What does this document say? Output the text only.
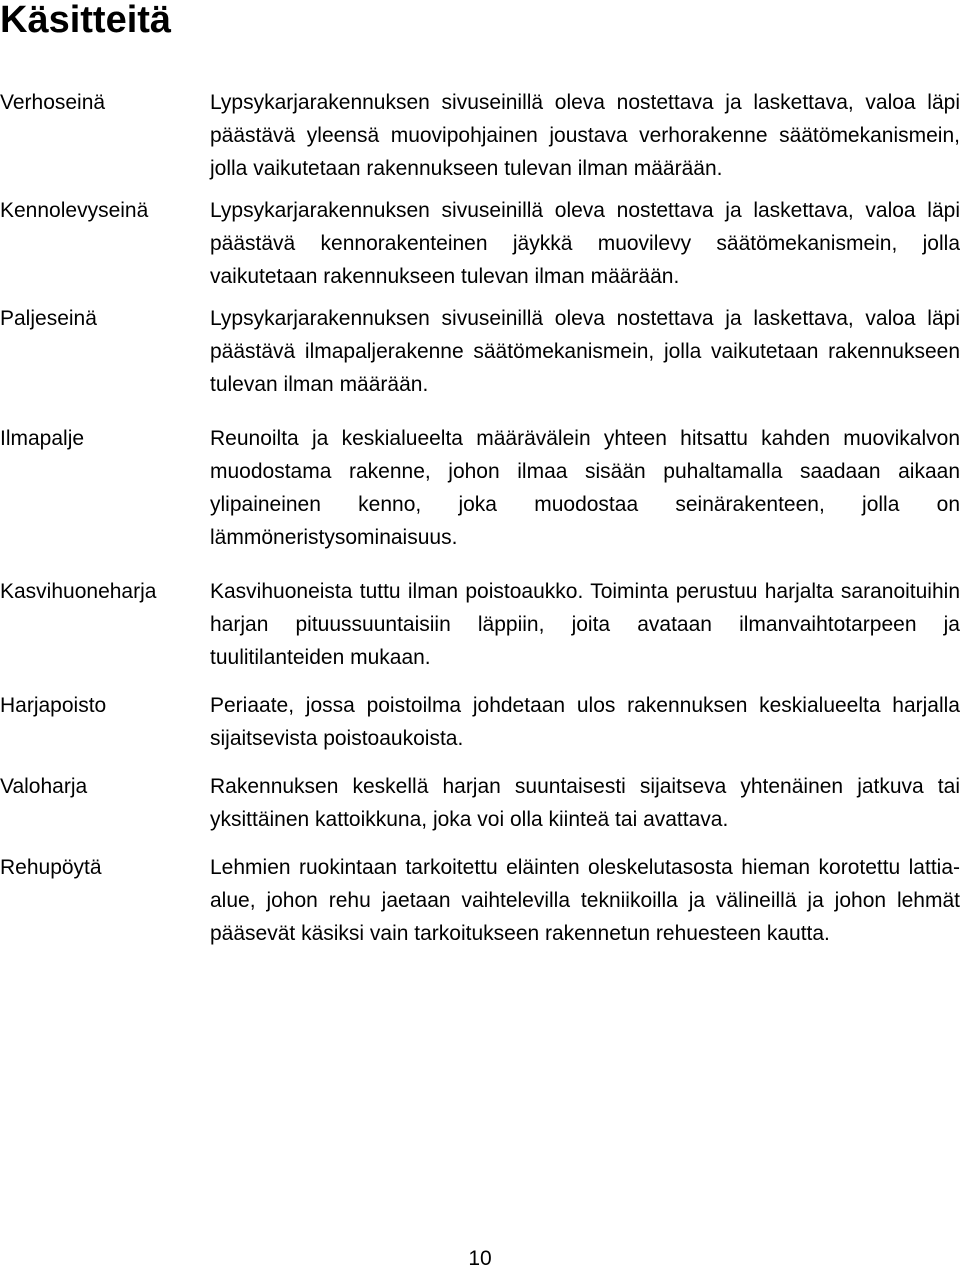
Käsitteitä
Verhoseinä	Lypsykarjarakennuksen sivuseinillä oleva nostettava ja laskettava, valoa läpi päästävä yleensä muovipohjainen joustava verhorakenne säätömekanismein, jolla vaikutetaan rakennukseen tulevan ilman määrään.
Kennolevyseinä	Lypsykarjarakennuksen sivuseinillä oleva nostettava ja laskettava, valoa läpi päästävä kennorakenteinen jäykkä muovilevy säätömekanismein, jolla vaikutetaan rakennukseen tulevan ilman määrään.
Paljeseinä	Lypsykarjarakennuksen sivuseinillä oleva nostettava ja laskettava, valoa läpi päästävä ilmapaljerakenne säätömekanismein, jolla vaikutetaan rakennukseen tulevan ilman määrään.
Ilmapalje	Reunoilta ja keskialueelta määrävälein yhteen hitsattu kahden muovikalvon muodostama rakenne, johon ilmaa sisään puhaltamalla saadaan aikaan ylipaineinen kenno, joka muodostaa seinärakenteen, jolla on lämmöneristysominaisuus.
Kasvihuoneharja	Kasvihuoneista tuttu ilman poistoaukko. Toiminta perustuu harjalta saranoituihin harjan pituussuuntaisiin läppiin, joita avataan ilmanvaihtotarpeen ja tuulitilanteiden mukaan.
Harjapoisto	Periaate, jossa poistoilma johdetaan ulos rakennuksen keskialueelta harjalla sijaitsevista poistoaukoista.
Valoharja	Rakennuksen keskellä harjan suuntaisesti sijaitseva yhtenäinen jatkuva tai yksittäinen kattoikkuna, joka voi olla kiinteä tai avattava.
Rehupöytä	Lehmien ruokintaan tarkoitettu eläinten oleskelutasosta hieman korotettu lattia-alue, johon rehu jaetaan vaihtelevilla tekniikoilla ja välineillä ja johon lehmät pääsevät käsiksi vain tarkoitukseen rakennetun rehuesteen kautta.
10
